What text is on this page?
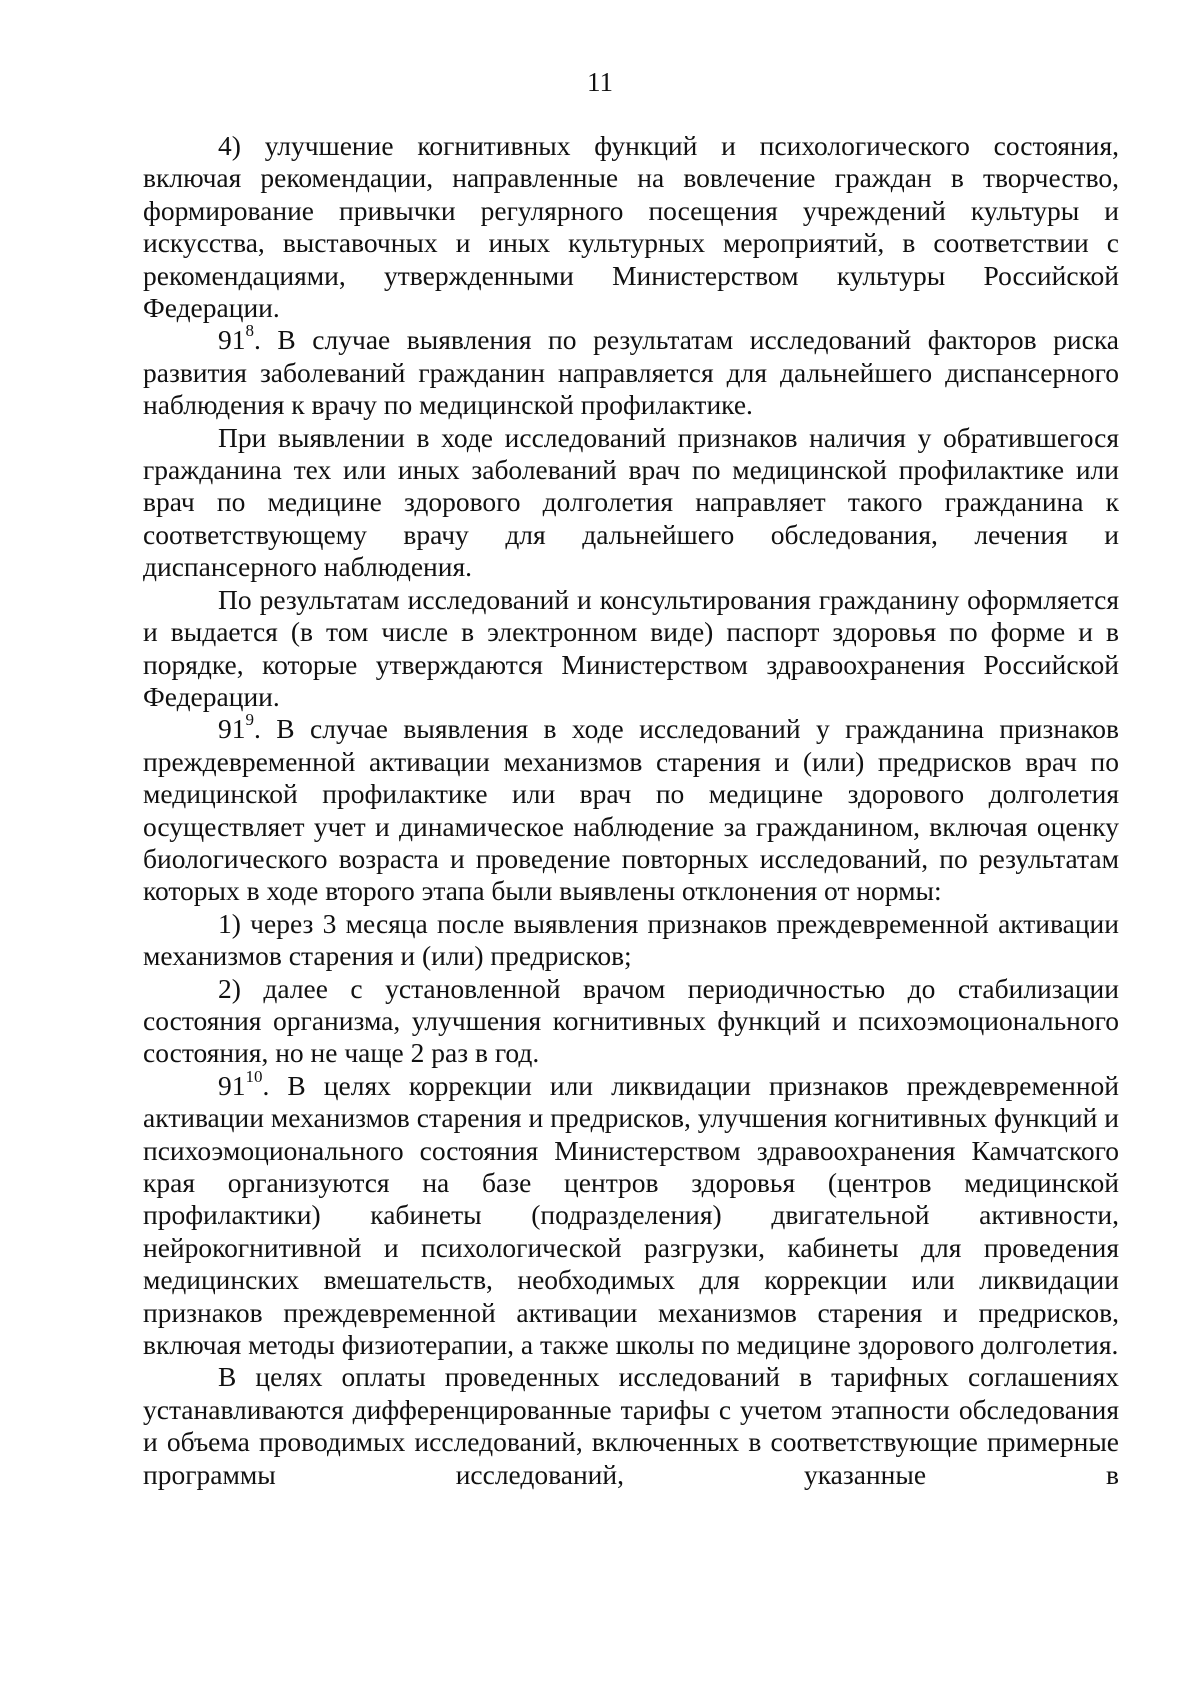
11

4) улучшение когнитивных функций и психологического состояния, включая рекомендации, направленные на вовлечение граждан в творчество, формирование привычки регулярного посещения учреждений культуры и искусства, выставочных и иных культурных мероприятий, в соответствии с рекомендациями, утвержденными Министерством культуры Российской Федерации.

$91^8$. В случае выявления по результатам исследований факторов риска развития заболеваний гражданин направляется для дальнейшего диспансерного наблюдения к врачу по медицинской профилактике.

При выявлении в ходе исследований признаков наличия у обратившегося гражданина тех или иных заболеваний врач по медицинской профилактике или врач по медицине здорового долголетия направляет такого гражданина к соответствующему врачу для дальнейшего обследования, лечения и диспансерного наблюдения.

По результатам исследований и консультирования гражданину оформляется и выдается (в том числе в электронном виде) паспорт здоровья по форме и в порядке, которые утверждаются Министерством здравоохранения Российской Федерации.

$91^9$. В случае выявления в ходе исследований у гражданина признаков преждевременной активации механизмов старения и (или) предрисков врач по медицинской профилактике или врач по медицине здорового долголетия осуществляет учет и динамическое наблюдение за гражданином, включая оценку биологического возраста и проведение повторных исследований, по результатам которых в ходе второго этапа были выявлены отклонения от нормы:

1) через 3 месяца после выявления признаков преждевременной активации механизмов старения и (или) предрисков;

2) далее с установленной врачом периодичностью до стабилизации состояния организма, улучшения когнитивных функций и психоэмоционального состояния, но не чаще 2 раз в год.

$91^{10}$. В целях коррекции или ликвидации признаков преждевременной активации механизмов старения и предрисков, улучшения когнитивных функций и психоэмоционального состояния Министерством здравоохранения Камчатского края организуются на базе центров здоровья (центров медицинской профилактики) кабинеты (подразделения) двигательной активности, нейрокогнитивной и психологической разгрузки, кабинеты для проведения медицинских вмешательств, необходимых для коррекции или ликвидации признаков преждевременной активации механизмов старения и предрисков, включая методы физиотерапии, а также школы по медицине здорового долголетия.

В целях оплаты проведенных исследований в тарифных соглашениях устанавливаются дифференцированные тарифы с учетом этапности обследования и объема проводимых исследований, включенных в соответствующие примерные программы исследований, указанные в
